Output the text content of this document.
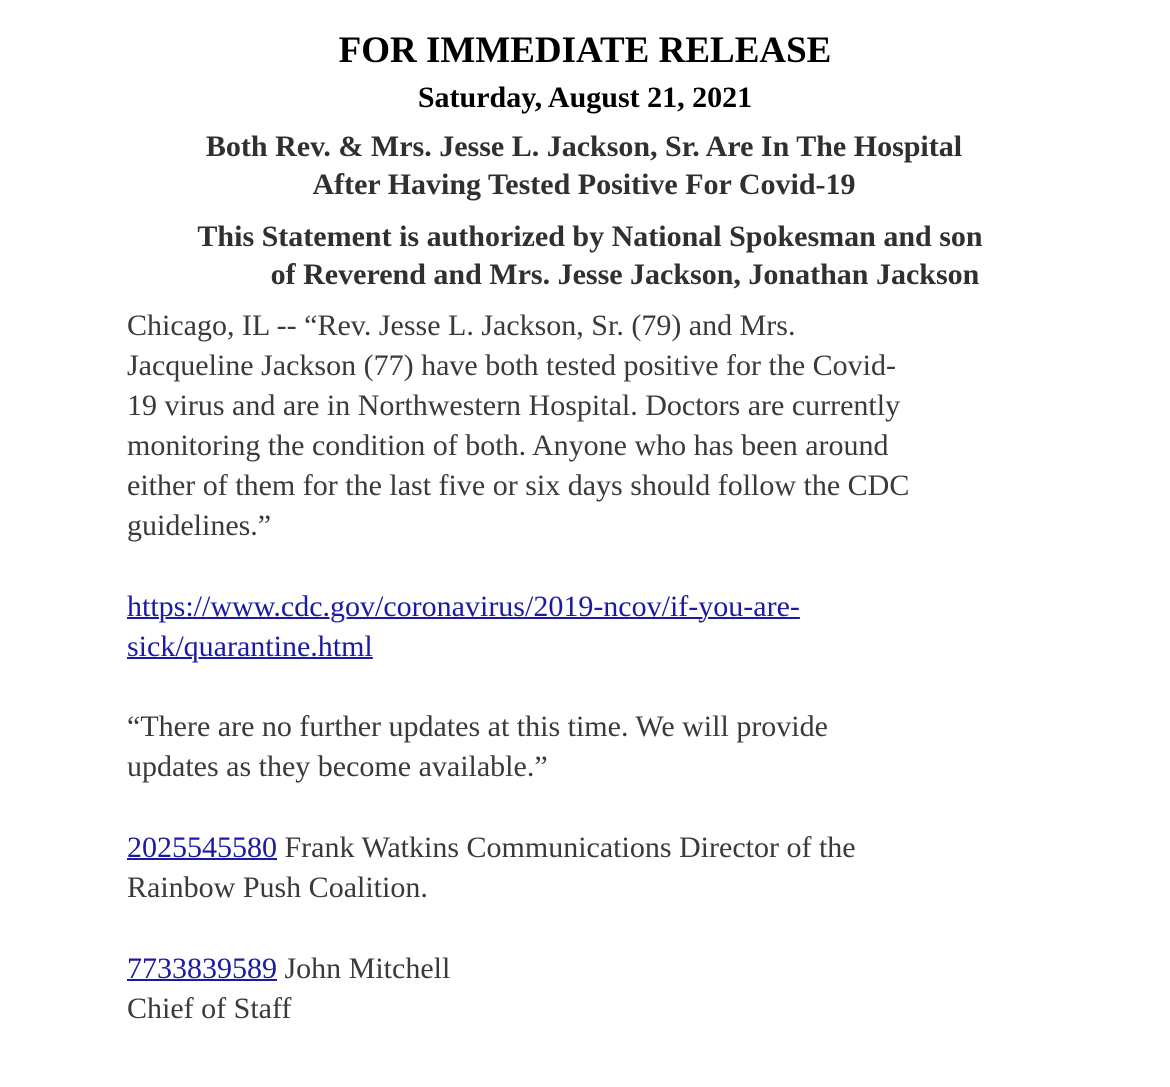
FOR IMMEDIATE RELEASE
Saturday, August 21, 2021
Both Rev. & Mrs. Jesse L. Jackson, Sr. Are In The Hospital
After Having Tested Positive For Covid-19
This Statement is authorized by National Spokesman and son
of Reverend and Mrs. Jesse Jackson, Jonathan Jackson
Chicago, IL -- “Rev. Jesse L. Jackson, Sr. (79) and Mrs.
Jacqueline Jackson (77) have both tested positive for the Covid-
19 virus and are in Northwestern Hospital. Doctors are currently
monitoring the condition of both. Anyone who has been around
either of them for the last five or six days should follow the CDC
guidelines.”
https://www.cdc.gov/coronavirus/2019-ncov/if-you-are-
sick/quarantine.html
“There are no further updates at this time. We will provide
updates as they become available.”
2025545580 Frank Watkins Communications Director of the
Rainbow Push Coalition.
7733839589 John Mitchell
Chief of Staff
